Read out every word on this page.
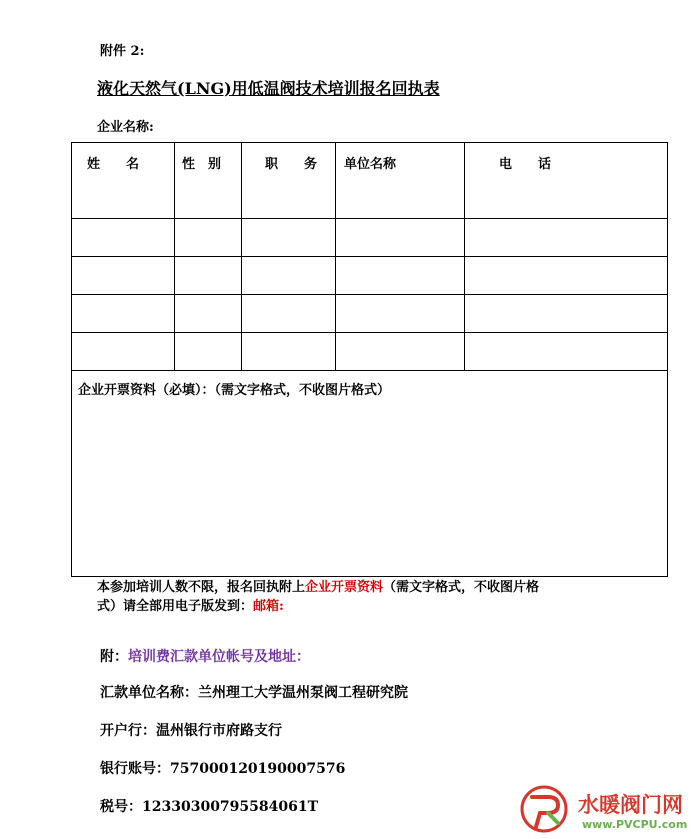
附件 2:
液化天然气(LNG)用低温阀技术培训报名回执表
企业名称:
姓　　名	性　别	职　　务	单位名称	电　　话

企业开票资料（必填）：（需文字格式，不收图片格式）				
本参加培训人数不限，报名回执附上企业开票资料（需文字格式，不收图片格
式）请全部用电子版发到：邮箱:
附：培训费汇款单位帐号及地址：
汇款单位名称：兰州理工大学温州泵阀工程研究院
开户行：温州银行市府路支行
银行账号：757000120190007576
税号：12330300795584061T	水暖阀门网
www.PVCPU.com
